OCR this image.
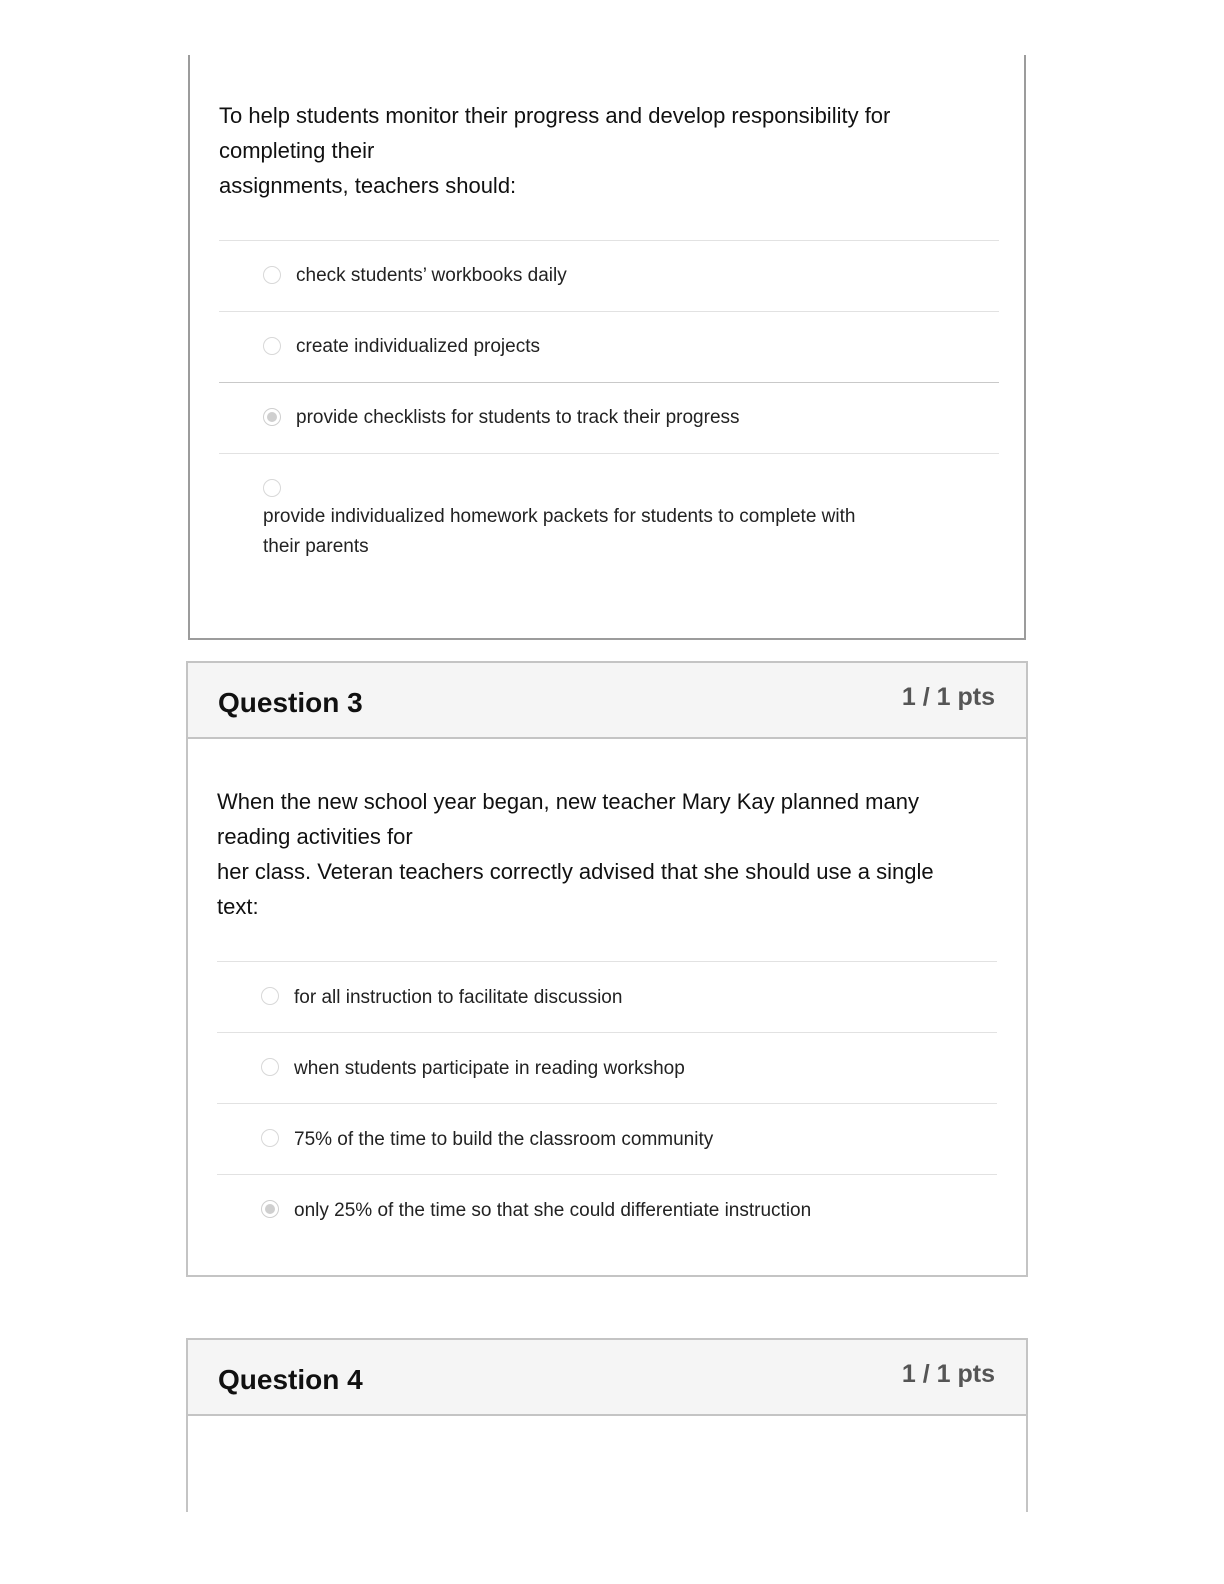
To help students monitor their progress and develop responsibility for
completing their
assignments, teachers should:
check students’ workbooks daily
create individualized projects
provide checklists for students to track their progress
provide individualized homework packets for students to complete with
their parents
Question 3	1 / 1 pts
When the new school year began, new teacher Mary Kay planned many
reading activities for
her class. Veteran teachers correctly advised that she should use a single
text:
for all instruction to facilitate discussion
when students participate in reading workshop
75% of the time to build the classroom community
only 25% of the time so that she could differentiate instruction
Question 4	1 / 1 pts
